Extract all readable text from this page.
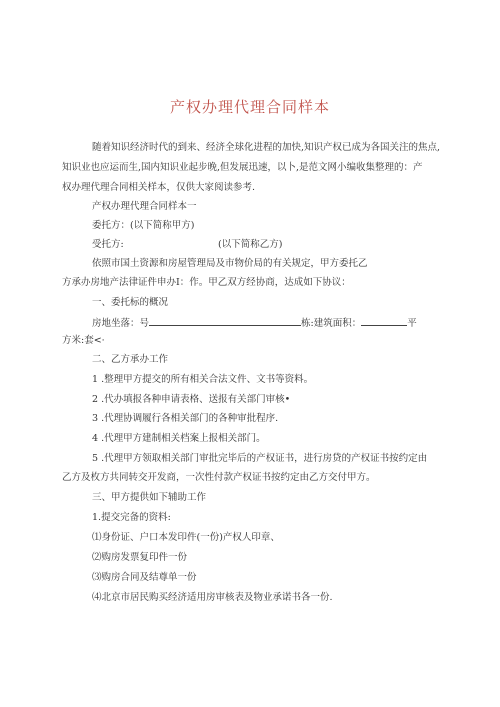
产权办理代理合同样本
随着知识经济时代的到来、经济全球化进程的加快,知识产权已成为各国关注的焦点,
知识业也应运而生,国内知识业起步晚,但发展迅速，以卜,是范文网小编收集整理的：产
权办理代理合同相关样本，仅供大家阅读参考.
产权办理代理合同样本一
委托方：(以下简称甲方)
受托方:	(以下简称乙方)
依照市国土资源和房屋管理局及市物价局的有关规定，甲方委托乙
方承办房地产法律证件申办I：作。甲乙双方经协商，达成如下协议：
一、委托标的概况
房地坐落：号	栋:建筑面积：	平
方米:套<·
二、乙方承办工作
1 .整理甲方提交的所有相关合法文件、文书等资料。
2 .代办填报各种申请表格、送报有关部门审核•
3 .代理协调履行各相关部门的各种审批程序.
4 .代理甲方建制相关档案上报相关部门。
5 .代理甲方领取相关部门审批完毕后的产权证书，进行房贷的产权证书按约定由
乙方及枚方共同转交开发商，一次性付款产权证书按约定由乙方交付甲方。
三、甲方提供如下辅助工作
1.提交完备的资料:
⑴身份证、户口本发印件(一份)产权人印章、
⑵购房发票复印件一份
⑶购房合同及结尊单一份
⑷北京市居民购买经济适用房审核表及物业承诺书各一份.
